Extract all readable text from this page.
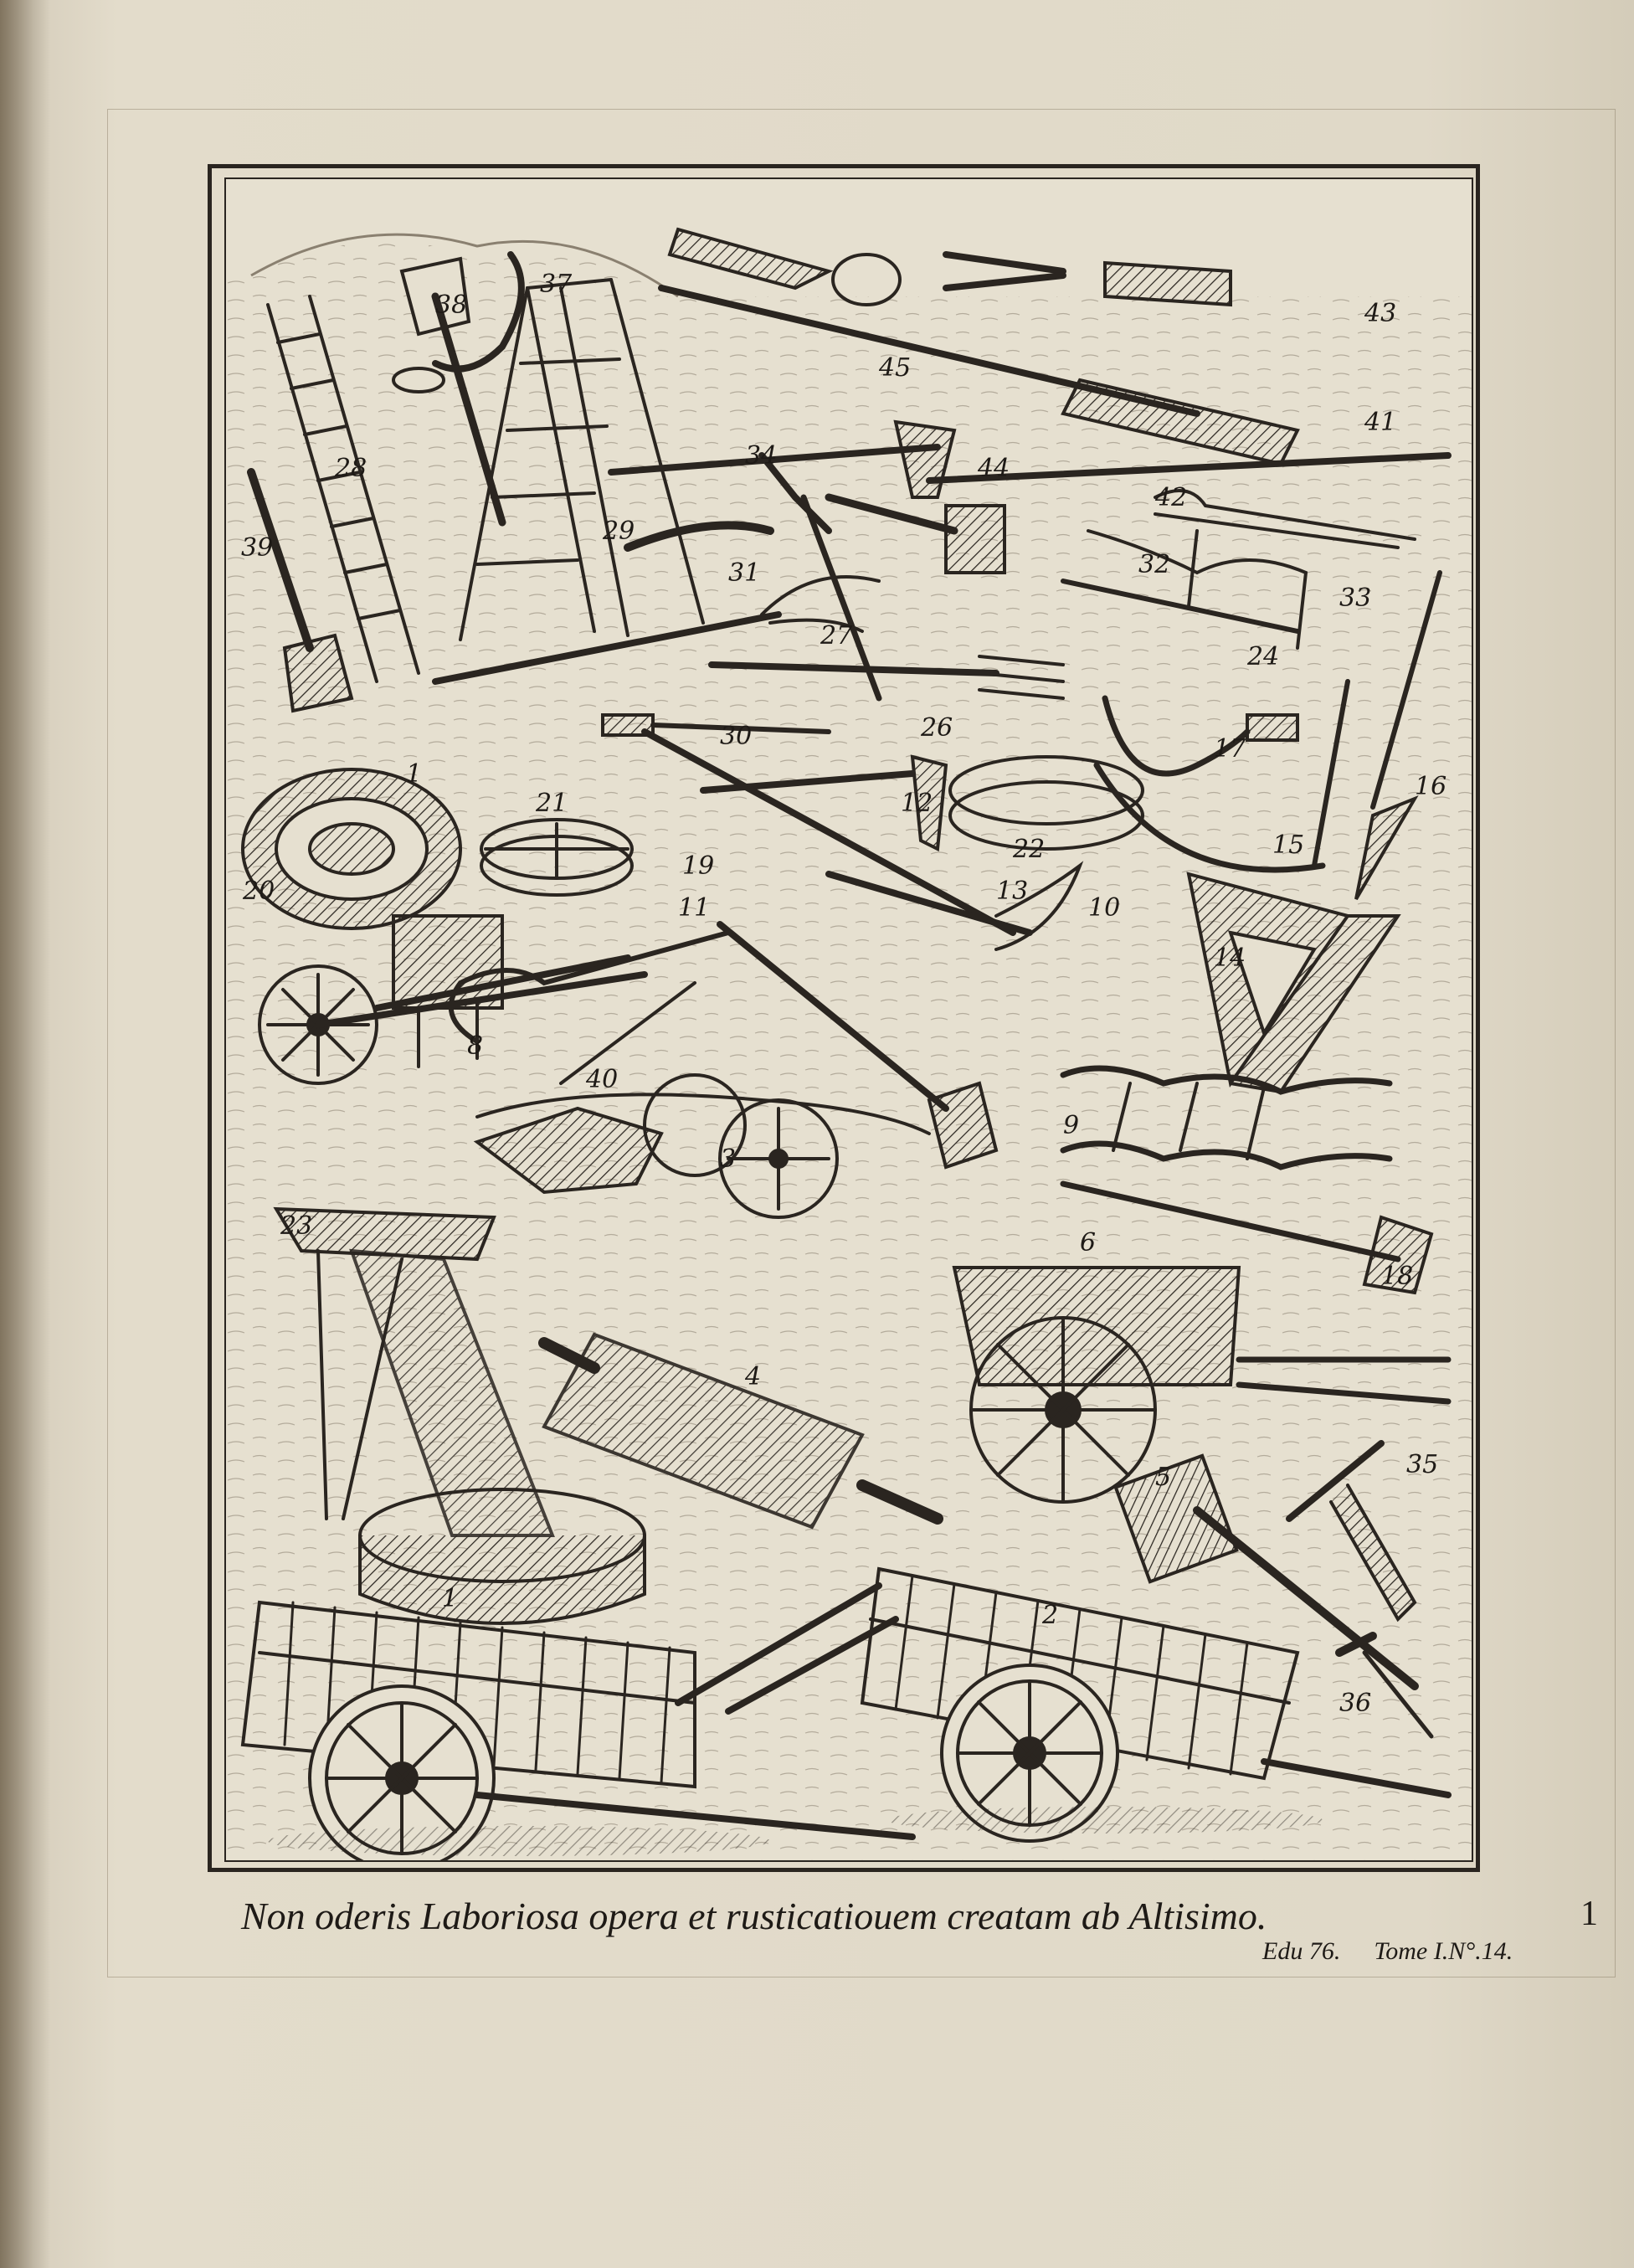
1
1
2
3
4
5
6
8
9
10
11
12
13
14
15
16
17
18
19
20
21
22
23
24
26
27
28
29
30
31	32
33
34
35
36
37
38
39
40
41
42
43
44
45
Non oderis Laboriosa opera et rusticatiouem creatam ab Altisimo.	1
Edu 76. Tome I.N°.14.
